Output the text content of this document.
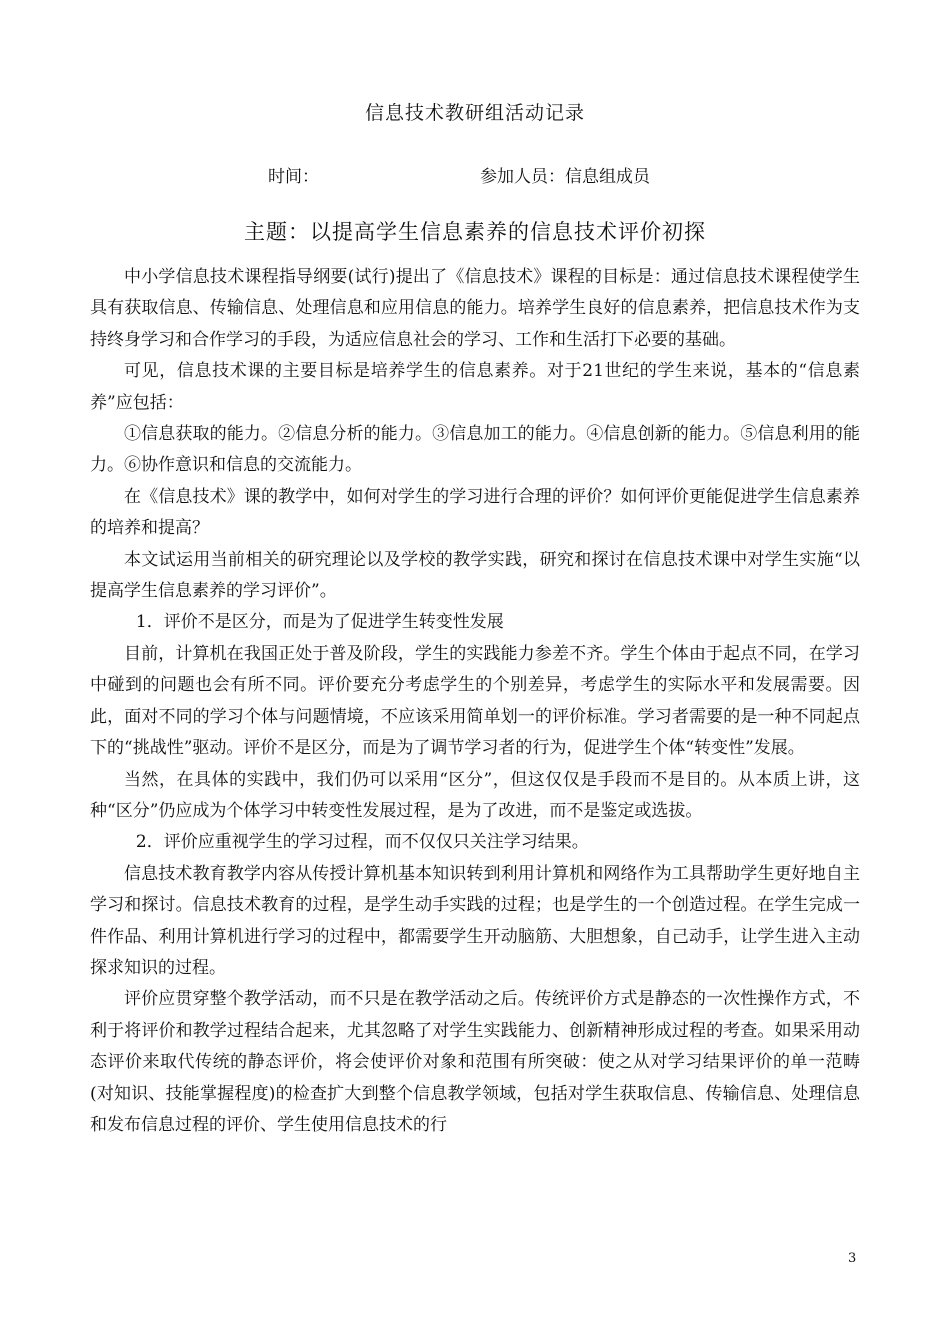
信息技术教研组活动记录
时间：	参加人员：信息组成员
主题：以提高学生信息素养的信息技术评价初探

中小学信息技术课程指导纲要(试行)提出了《信息技术》课程的目标是：通过信息技术课程使学生具有获取信息、传输信息、处理信息和应用信息的能力。培养学生良好的信息素养，把信息技术作为支持终身学习和合作学习的手段，为适应信息社会的学习、工作和生活打下必要的基础。

可见，信息技术课的主要目标是培养学生的信息素养。对于21世纪的学生来说，基本的“信息素养”应包括：

①信息获取的能力。②信息分析的能力。③信息加工的能力。④信息创新的能力。⑤信息利用的能力。⑥协作意识和信息的交流能力。

在《信息技术》课的教学中，如何对学生的学习进行合理的评价？如何评价更能促进学生信息素养的培养和提高？

本文试运用当前相关的研究理论以及学校的教学实践，研究和探讨在信息技术课中对学生实施“以提高学生信息素养的学习评价”。

1．评价不是区分，而是为了促进学生转变性发展

目前，计算机在我国正处于普及阶段，学生的实践能力参差不齐。学生个体由于起点不同，在学习中碰到的问题也会有所不同。评价要充分考虑学生的个别差异，考虑学生的实际水平和发展需要。因此，面对不同的学习个体与问题情境，不应该采用简单划一的评价标准。学习者需要的是一种不同起点下的“挑战性”驱动。评价不是区分，而是为了调节学习者的行为，促进学生个体“转变性”发展。

当然，在具体的实践中，我们仍可以采用“区分”，但这仅仅是手段而不是目的。从本质上讲，这种“区分”仍应成为个体学习中转变性发展过程，是为了改进，而不是鉴定或选拔。

2．评价应重视学生的学习过程，而不仅仅只关注学习结果。

信息技术教育教学内容从传授计算机基本知识转到利用计算机和网络作为工具帮助学生更好地自主学习和探讨。信息技术教育的过程，是学生动手实践的过程；也是学生的一个创造过程。在学生完成一件作品、利用计算机进行学习的过程中，都需要学生开动脑筋、大胆想象，自己动手，让学生进入主动探求知识的过程。

评价应贯穿整个教学活动，而不只是在教学活动之后。传统评价方式是静态的一次性操作方式，不利于将评价和教学过程结合起来，尤其忽略了对学生实践能力、创新精神形成过程的考查。如果采用动态评价来取代传统的静态评价，将会使评价对象和范围有所突破：使之从对学习结果评价的单一范畴(对知识、技能掌握程度)的检查扩大到整个信息教学领域，包括对学生获取信息、传输信息、处理信息和发布信息过程的评价、学生使用信息技术的行

3
